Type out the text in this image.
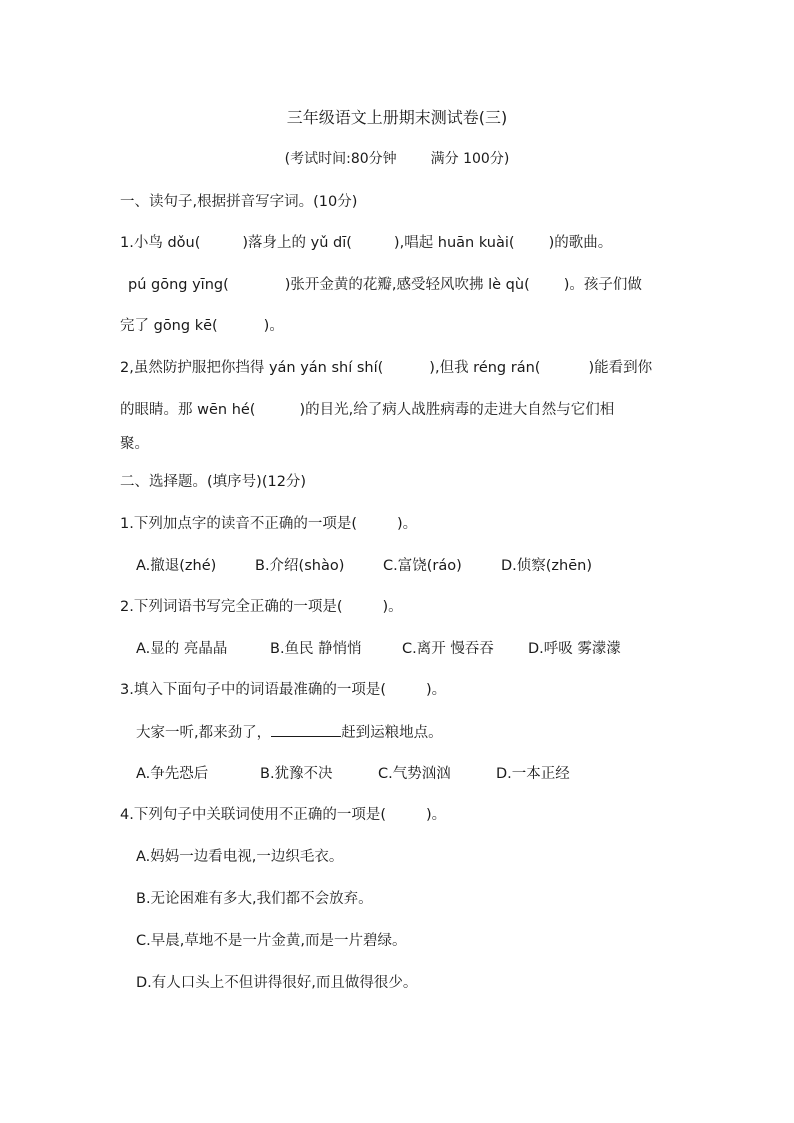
三年级语文上册期末测试卷(三)
(考试时间:80分钟 满分 100分)
一、读句子,根据拼音写字词。(10分)
1.小鸟 dǒu(	)落身上的 yǔ dī(	),唱起 huān kuài( )的歌曲。
pú gōng yīng(	)张开金黄的花瓣,感受轻风吹拂 lè qù( )。孩子们做
完了 gōng kē(	)。
2,虽然防护服把你挡得 yán yán shí shí(	),但我 réng rán(	)能看到你
的眼睛。那 wēn hé(	)的目光,给了病人战胜病毒的走进大自然与它们相
聚。
二、选择题。(填序号)(12分)
1.下列加点字的读音不正确的一项是(	)。
A.撤退(zhé)	B.介绍(shào)	C.富饶(ráo)	D.侦察(zhēn)
2.下列词语书写完全正确的一项是(	)。
A.显的 亮晶晶	B.鱼民 静悄悄	C.离开 慢吞吞 D.呼吸 雾濛濛
3.填入下面句子中的词语最准确的一项是(	)。
大家一听,都来劲了，	赶到运粮地点。
A.争先恐后	B.犹豫不决	C.气势汹汹	D.一本正经
4.下列句子中关联词使用不正确的一项是(	)。
A.妈妈一边看电视,一边织毛衣。
B.无论困难有多大,我们都不会放弃。
C.早晨,草地不是一片金黄,而是一片碧绿。
D.有人口头上不但讲得很好,而且做得很少。
